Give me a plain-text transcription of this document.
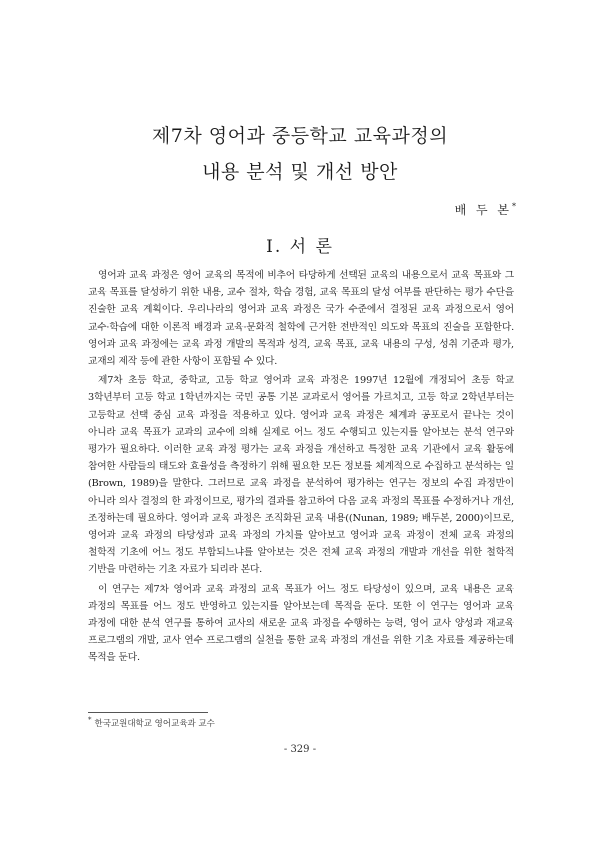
제7차 영어과 중등학교 교육과정의
내용 분석 및 개선 방안
배 두 본*
I. 서 론

영어과 교육 과정은 영어 교육의 목적에 비추어 타당하게 선택된 교육의 내용으로서 교육 목표와 그 교육 목표를 달성하기 위한 내용, 교수 절차, 학습 경험, 교육 목표의 달성 여부를 판단하는 평가 수단을 진술한 교육 계획이다. 우리나라의 영어과 교육 과정은 국가 수준에서 결정된 교육 과정으로서 영어 교수·학습에 대한 이론적 배경과 교육·문화적 철학에 근거한 전반적인 의도와 목표의 진술을 포함한다. 영어과 교육 과정에는 교육 과정 개발의 목적과 성격, 교육 목표, 교육 내용의 구성, 성취 기준과 평가, 교재의 제작 등에 관한 사항이 포함될 수 있다.

제7차 초등 학교, 중학교, 고등 학교 영어과 교육 과정은 1997년 12월에 개정되어 초등 학교 3학년부터 고등 학교 1학년까지는 국민 공통 기본 교과로서 영어를 가르치고, 고등 학교 2학년부터는 고등학교 선택 중심 교육 과정을 적용하고 있다. 영어과 교육 과정은 체계과 공포로서 끝나는 것이 아니라 교육 목표가 교과의 교수에 의해 실제로 어느 정도 수행되고 있는지를 알아보는 분석 연구와 평가가 필요하다. 이러한 교육 과정 평가는 교육 과정을 개선하고 특정한 교육 기관에서 교육 활동에 참여한 사람들의 태도와 효율성을 측정하기 위해 필요한 모든 정보를 체계적으로 수집하고 분석하는 일(Brown, 1989)을 말한다. 그러므로 교육 과정을 분석하여 평가하는 연구는 정보의 수집 과정만이 아니라 의사 결정의 한 과정이므로, 평가의 결과를 참고하여 다음 교육 과정의 목표를 수정하거나 개선, 조정하는데 필요하다. 영어과 교육 과정은 조직화된 교육 내용((Nunan, 1989; 배두본, 2000)이므로, 영어과 교육 과정의 타당성과 교육 과정의 가치를 알아보고 영어과 교육 과정이 전체 교육 과정의 철학적 기초에 어느 정도 부합되느냐를 알아보는 것은 전체 교육 과정의 개발과 개선을 위한 철학적 기반을 마련하는 기초 자료가 되리라 본다.

이 연구는 제7차 영어과 교육 과정의 교육 목표가 어느 정도 타당성이 있으며, 교육 내용은 교육 과정의 목표를 어느 정도 반영하고 있는지를 알아보는데 목적을 둔다. 또한 이 연구는 영어과 교육 과정에 대한 분석 연구를 통하여 교사의 새로운 교육 과정을 수행하는 능력, 영어 교사 양성과 재교육 프로그램의 개발, 교사 연수 프로그램의 실천을 통한 교육 과정의 개선을 위한 기초 자료를 제공하는데 목적을 둔다.

* 한국교원대학교 영어교육과 교수
- 329 -
